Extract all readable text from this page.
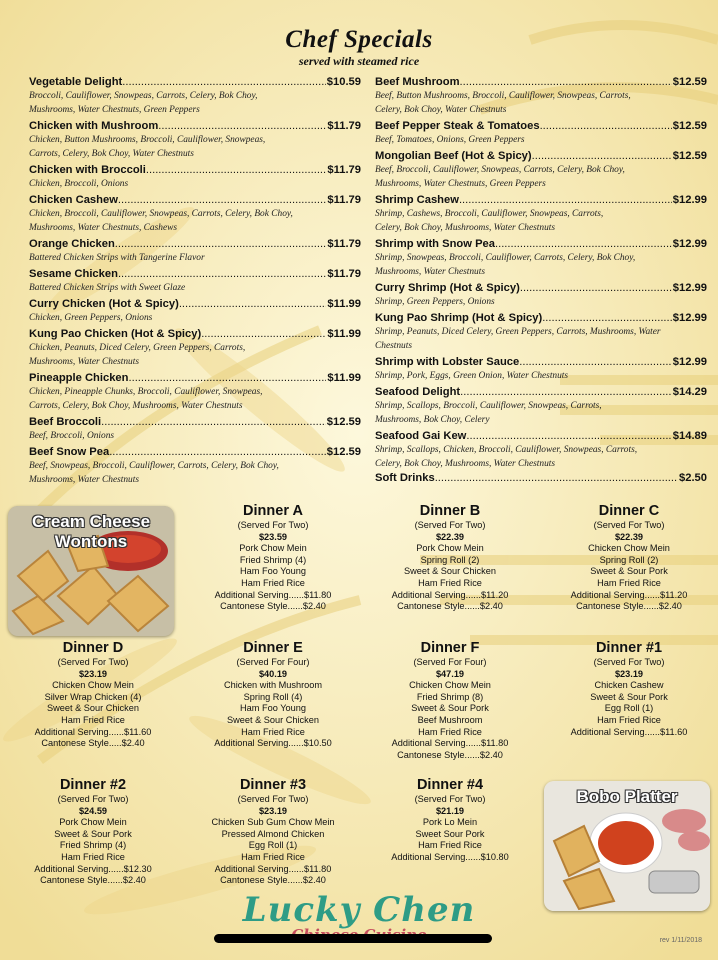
Chef Specials
served with steamed rice
Vegetable Delight .....	$10.59
Broccoli, Cauliflower, Snowpeas, Carrots, Celery, Bok Choy,
Mushrooms, Water Chestnuts, Green Peppers
Chicken with Mushroom .....	$11.79
Chicken, Button Mushrooms, Broccoli, Cauliflower, Snowpeas,
Carrots, Celery, Bok Choy, Water Chestnuts
Chicken with Broccoli .....	$11.79
Chicken, Broccoli, Onions
Chicken Cashew .....	$11.79
Chicken, Broccoli, Cauliflower, Snowpeas, Carrots, Celery, Bok Choy,
Mushrooms, Water Chestnuts, Cashews
Orange Chicken .....	$11.79
Battered Chicken Strips with Tangerine Flavor
Sesame Chicken .....	$11.79
Battered Chicken Strips with Sweet Glaze
Curry Chicken (Hot & Spicy) .....	$11.99
Chicken, Green Peppers, Onions
Kung Pao Chicken (Hot & Spicy) .....	$11.99
Chicken, Peanuts, Diced Celery, Green Peppers, Carrots,
Mushrooms, Water Chestnuts
Pineapple Chicken .....	$11.99
Chicken, Pineapple Chunks, Broccoli, Cauliflower, Snowpeas,
Carrots, Celery, Bok Choy, Mushrooms, Water Chestnuts
Beef Broccoli .....	$12.59
Beef, Broccoli, Onions
Beef Snow Pea .....	$12.59
Beef, Snowpeas, Broccoli, Cauliflower, Carrots, Celery, Bok Choy,
Mushrooms, Water Chestnuts
Beef Mushroom .....	$12.59
Beef, Button Mushrooms, Broccoli, Cauliflower, Snowpeas, Carrots,
Celery, Bok Choy, Water Chestnuts
Beef Pepper Steak & Tomatoes .....	$12.59
Beef, Tomatoes, Onions, Green Peppers
Mongolian Beef (Hot & Spicy) .....	$12.59
Beef, Broccoli, Cauliflower, Snowpeas, Carrots, Celery, Bok Choy,
Mushrooms, Water Chestnuts, Green Peppers
Shrimp Cashew .....	$12.99
Shrimp, Cashews, Broccoli, Cauliflower, Snowpeas, Carrots,
Celery, Bok Choy, Mushrooms, Water Chestnuts
Shrimp with Snow Pea .....	$12.99
Shrimp, Snowpeas, Broccoli, Cauliflower, Carrots, Celery, Bok Choy,
Mushrooms, Water Chestnuts
Curry Shrimp (Hot & Spicy) .....	$12.99
Shrimp, Green Peppers, Onions
Kung Pao Shrimp (Hot & Spicy) .....	$12.99
Shrimp, Peanuts, Diced Celery, Green Peppers, Carrots, Mushrooms, Water
Chestnuts
Shrimp with Lobster Sauce .....	$12.99
Shrimp, Pork, Eggs, Green Onion, Water Chestnuts
Seafood Delight .....	$14.29
Shrimp, Scallops, Broccoli, Cauliflower, Snowpeas, Carrots,
Mushrooms, Bok Choy, Celery
Seafood Gai Kew .....	$14.89
Shrimp, Scallops, Chicken, Broccoli, Cauliflower, Snowpeas, Carrots,
Celery, Bok Choy, Mushrooms, Water Chestnuts
Soft Drinks .....	$2.50
Cream Cheese Wontons
Bobo Platter
Dinner A
(Served For Two)
$23.59
Pork Chow Mein
Fried Shrimp (4)
Ham Foo Young
Ham Fried Rice
Additional Serving......$11.80
Cantonese Style......$2.40
Dinner B
(Served For Two)
$22.39
Pork Chow Mein
Spring Roll (2)
Sweet & Sour Chicken
Ham Fried Rice
Additional Serving......$11.20
Cantonese Style......$2.40
Dinner C
(Served For Two)
$22.39
Chicken Chow Mein
Spring Roll (2)
Sweet & Sour Pork
Ham Fried Rice
Additional Serving......$11.20
Cantonese Style......$2.40
Dinner D
(Served For Two)
$23.19
Chicken Chow Mein
Silver Wrap Chicken (4)
Sweet & Sour Chicken
Ham Fried Rice
Additional Serving......$11.60
Cantonese Style.....$2.40
Dinner E
(Served For Four)
$40.19
Chicken with Mushroom
Spring Roll (4)
Ham Foo Young
Sweet & Sour Chicken
Ham Fried Rice
Additional Serving......$10.50
Dinner F
(Served For Four)
$47.19
Chicken Chow Mein
Fried Shrimp (8)
Sweet & Sour Pork
Beef Mushroom
Ham Fried Rice
Additional Serving......$11.80
Cantonese Style......$2.40
Dinner #1
(Served For Two)
$23.19
Chicken Cashew
Sweet & Sour Pork
Egg Roll (1)
Ham Fried Rice
Additional Serving......$11.60
Dinner #2
(Served For Two)
$24.59
Pork Chow Mein
Sweet & Sour Pork
Fried Shrimp (4)
Ham Fried Rice
Additional Serving......$12.30
Cantonese Style......$2.40
Dinner #3
(Served For Two)
$23.19
Chicken Sub Gum Chow Mein
Pressed Almond Chicken
Egg Roll (1)
Ham Fried Rice
Additional Serving......$11.80
Cantonese Style......$2.40
Dinner #4
(Served For Two)
$21.19
Pork Lo Mein
Sweet Sour Pork
Ham Fried Rice
Additional Serving......$10.80
Lucky Chen
rev 1/11/2018
